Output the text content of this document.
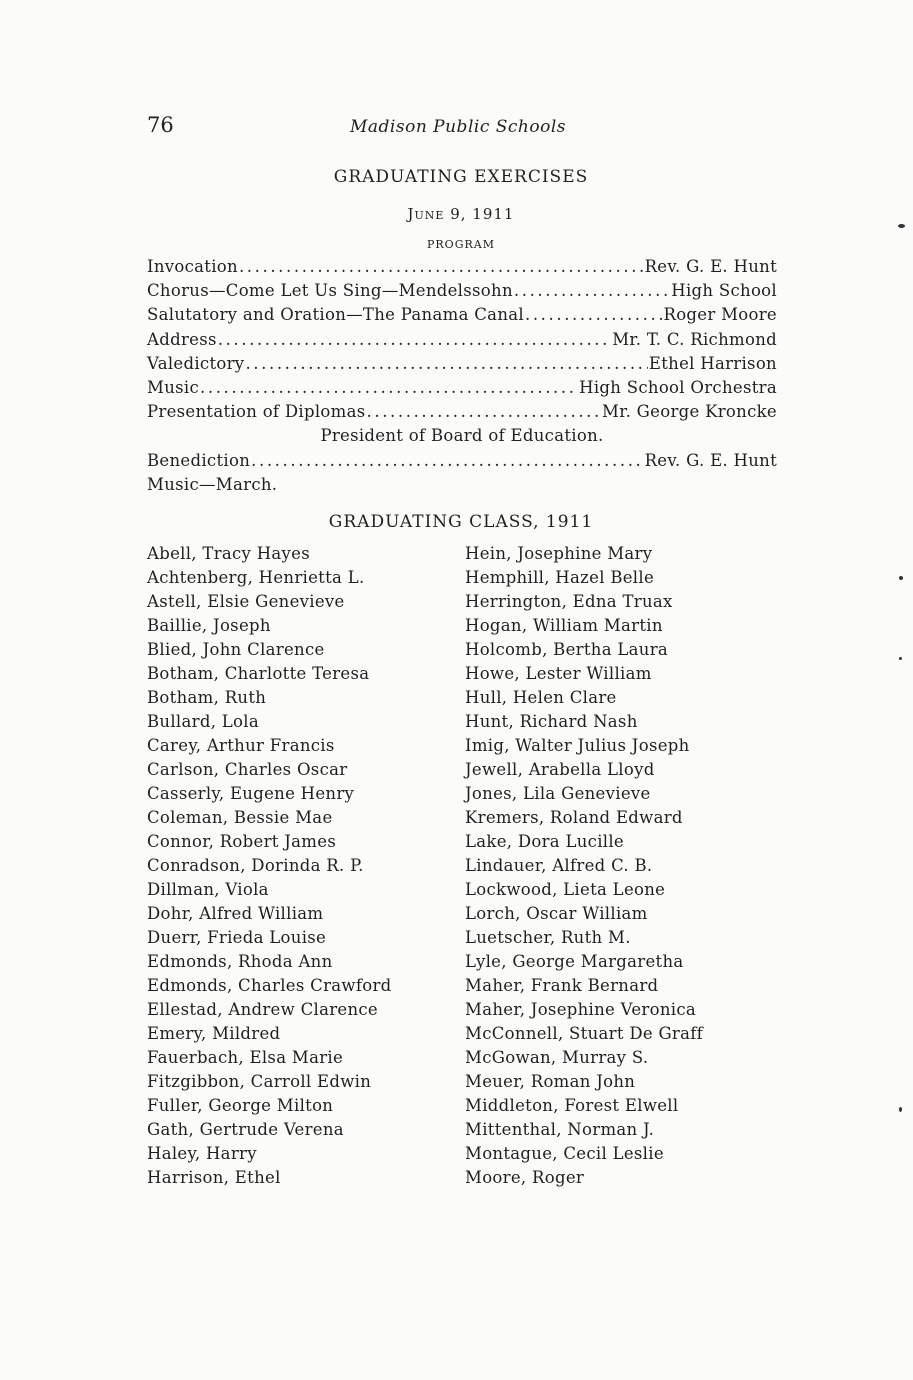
76	Madison Public Schools
GRADUATING EXERCISES
June 9, 1911
PROGRAM
Invocation .....	Rev. G. E. Hunt
Chorus—Come Let Us Sing—Mendelssohn .....	High School
Salutatory and Oration—The Panama Canal .....	Roger Moore
Address .....	Mr. T. C. Richmond
Valedictory .....	Ethel Harrison
Music .....	High School Orchestra
Presentation of Diplomas .....	Mr. George Kroncke
President of Board of Education.
Benediction .....	Rev. G. E. Hunt
Music—March.
GRADUATING CLASS, 1911
Abell, Tracy Hayes
Achtenberg, Henrietta L.
Astell, Elsie Genevieve
Baillie, Joseph
Blied, John Clarence
Botham, Charlotte Teresa
Botham, Ruth
Bullard, Lola
Carey, Arthur Francis
Carlson, Charles Oscar
Casserly, Eugene Henry
Coleman, Bessie Mae
Connor, Robert James
Conradson, Dorinda R. P.
Dillman, Viola
Dohr, Alfred William
Duerr, Frieda Louise
Edmonds, Rhoda Ann
Edmonds, Charles Crawford
Ellestad, Andrew Clarence
Emery, Mildred
Fauerbach, Elsa Marie
Fitzgibbon, Carroll Edwin
Fuller, George Milton
Gath, Gertrude Verena
Haley, Harry
Harrison, Ethel
Hein, Josephine Mary
Hemphill, Hazel Belle
Herrington, Edna Truax
Hogan, William Martin
Holcomb, Bertha Laura
Howe, Lester William
Hull, Helen Clare
Hunt, Richard Nash
Imig, Walter Julius Joseph
Jewell, Arabella Lloyd
Jones, Lila Genevieve
Kremers, Roland Edward
Lake, Dora Lucille
Lindauer, Alfred C. B.
Lockwood, Lieta Leone
Lorch, Oscar William
Luetscher, Ruth M.
Lyle, George Margaretha
Maher, Frank Bernard
Maher, Josephine Veronica
McConnell, Stuart De Graff
McGowan, Murray S.
Meuer, Roman John
Middleton, Forest Elwell
Mittenthal, Norman J.
Montague, Cecil Leslie
Moore, Roger
